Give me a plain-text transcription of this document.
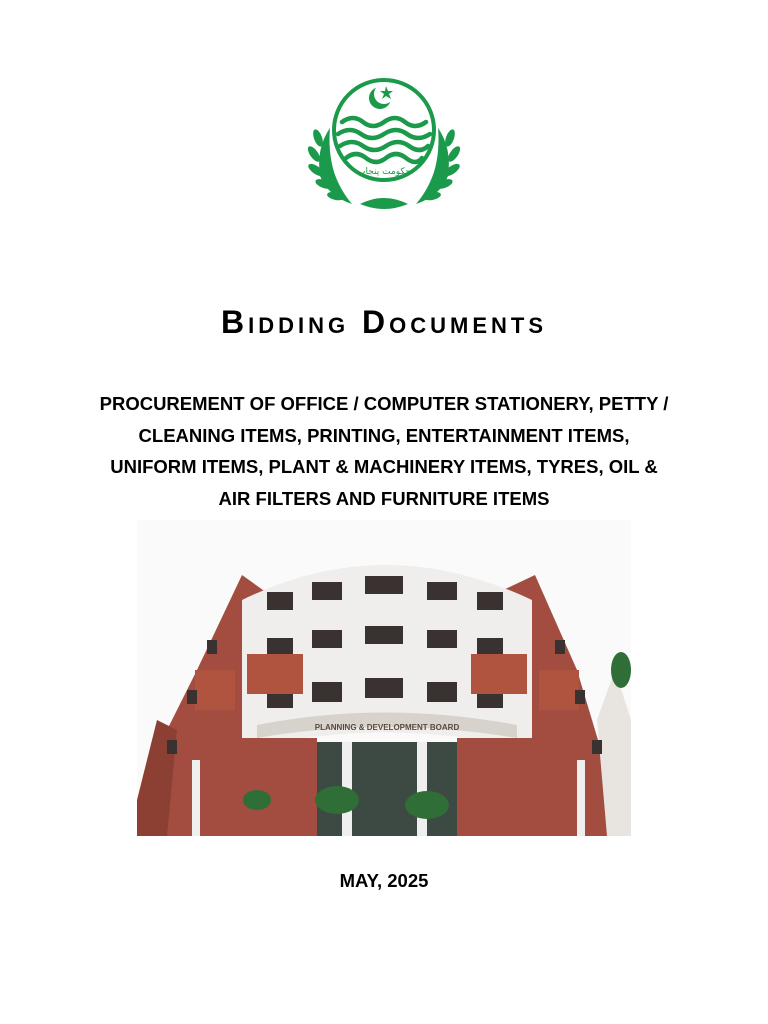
حکومت پنجاب
Bidding Documents
PROCUREMENT OF OFFICE / COMPUTER STATIONERY, PETTY /
CLEANING ITEMS, PRINTING, ENTERTAINMENT ITEMS,
UNIFORM ITEMS, PLANT & MACHINERY ITEMS, TYRES, OIL &
AIR FILTERS AND FURNITURE ITEMS
PLANNING & DEVELOPMENT BOARD
MAY, 2025
